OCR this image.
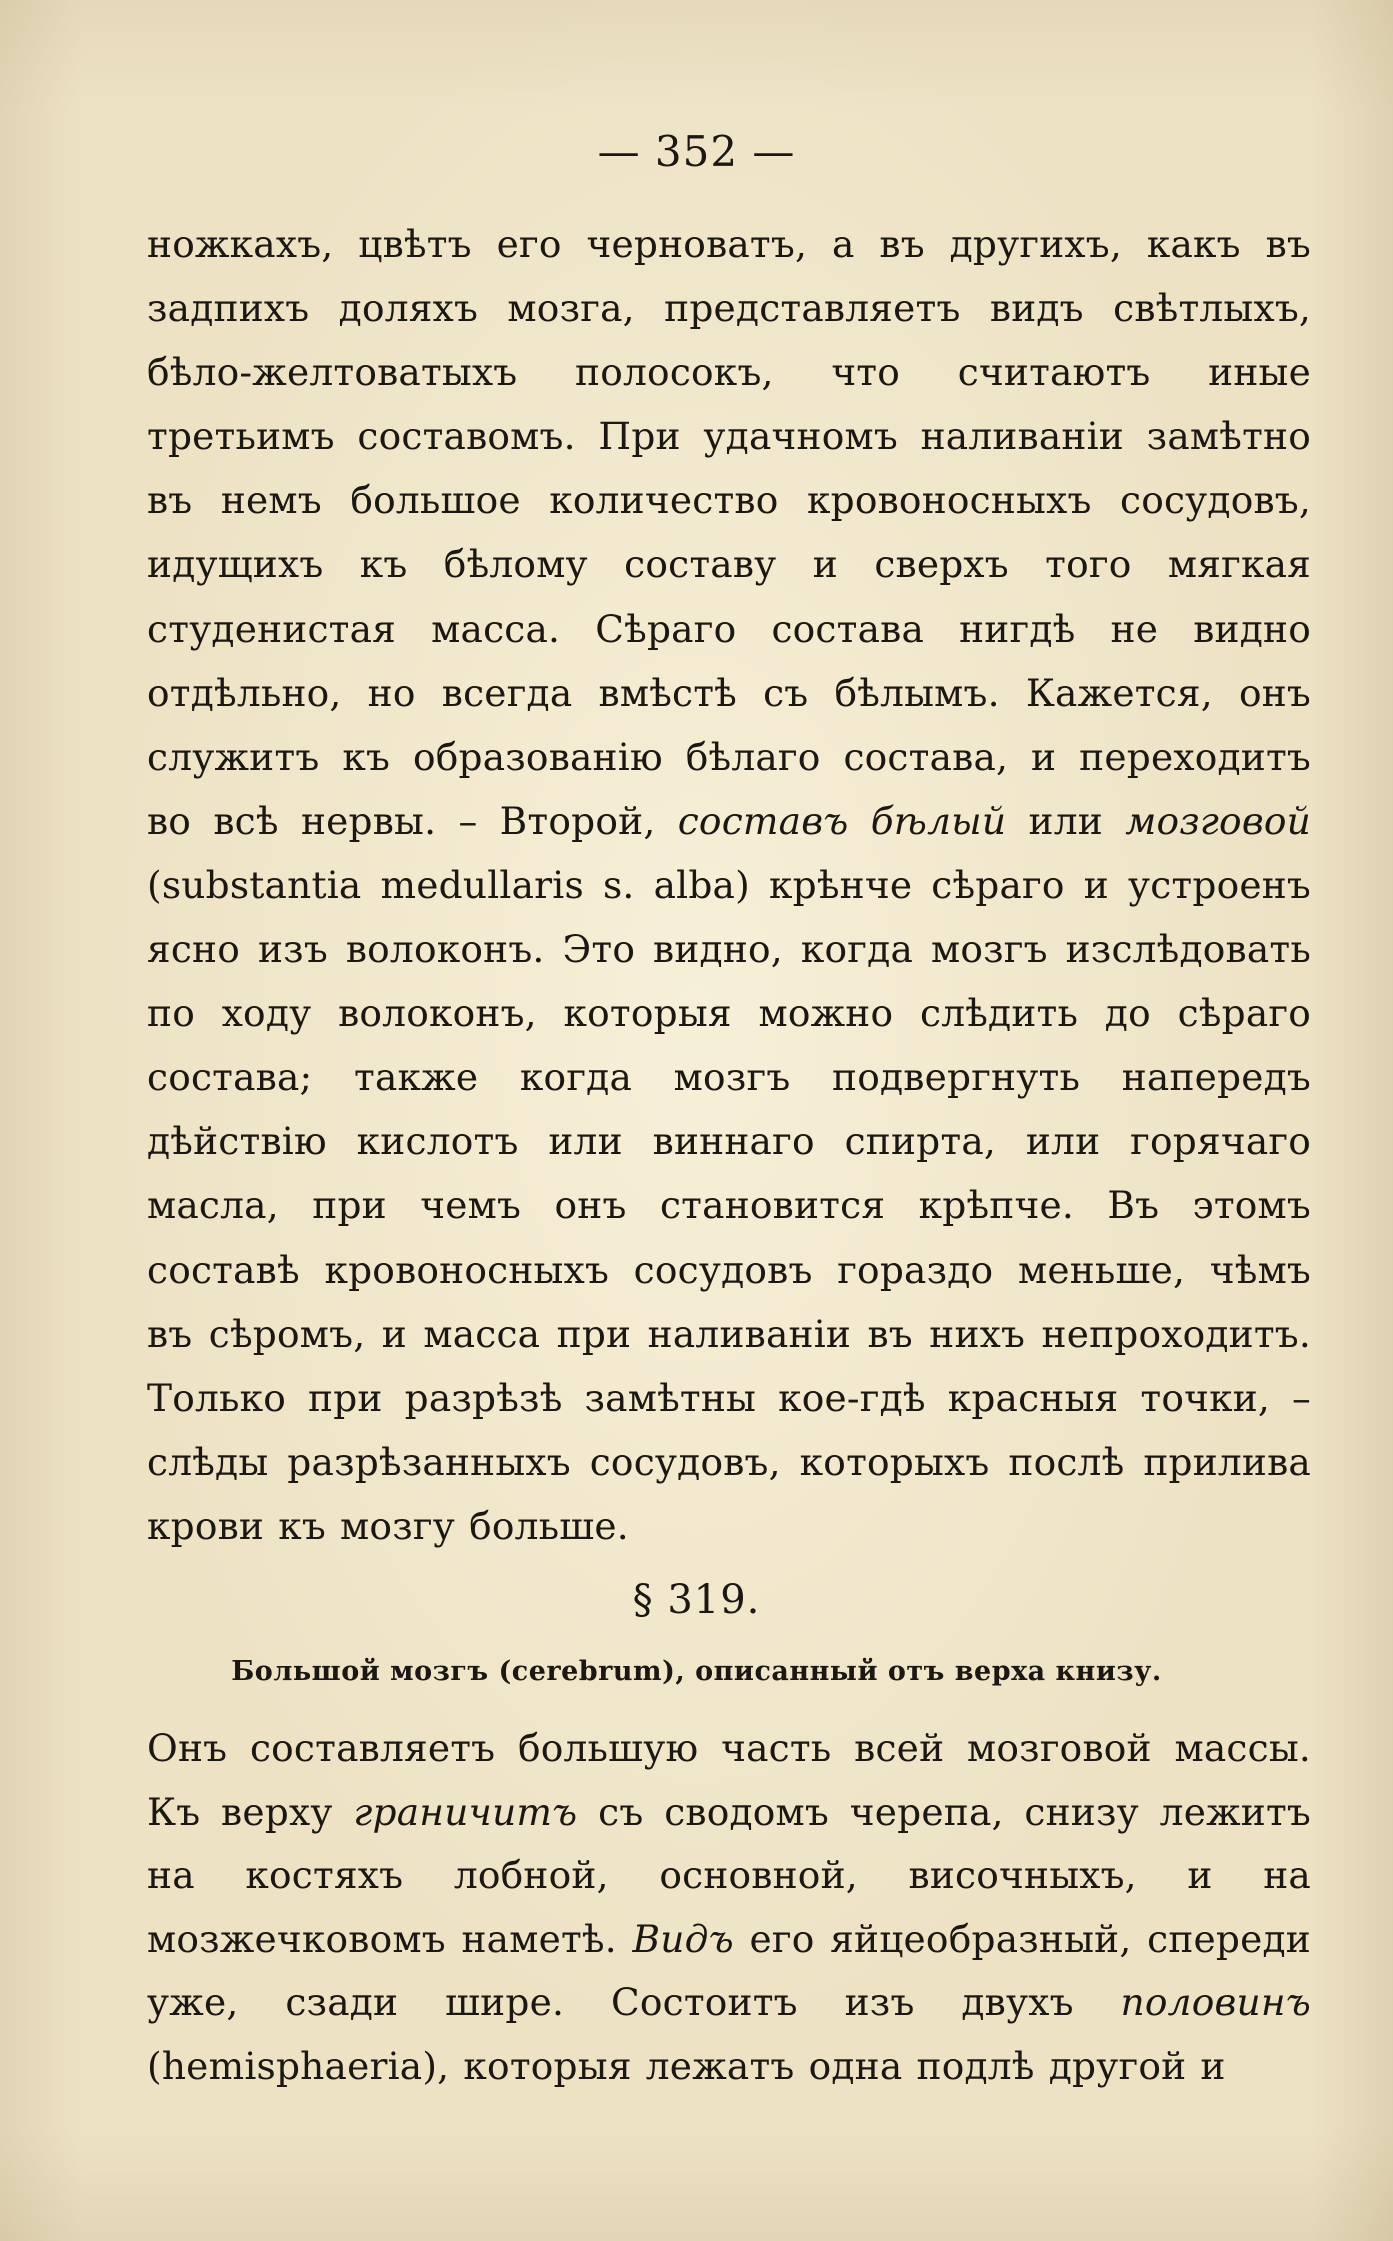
— 352 —

ножкахъ, цвѣтъ его черноватъ, а въ другихъ, какъ въ задпихъ доляхъ мозга, представляетъ видъ свѣтлыхъ, бѣло-желтоватыхъ полосокъ, что считаютъ иные третьимъ составомъ. При удачномъ наливаніи замѣтно въ немъ большое количество кровоносныхъ сосудовъ, идущихъ къ бѣлому составу и сверхъ того мягкая студенистая масса. Сѣраго состава нигдѣ не видно отдѣльно, но всегда вмѣстѣ съ бѣлымъ. Кажется, онъ служитъ къ образованію бѣлаго состава, и переходитъ во всѣ нервы. – Второй, составъ бѣлый или мозговой (substantia medullaris s. alba) крѣнче сѣраго и устроенъ ясно изъ волоконъ. Это видно, когда мозгъ изслѣдовать по ходу волоконъ, которыя можно слѣдить до сѣраго состава; также когда мозгъ подвергнуть напередъ дѣйствію кислотъ или виннаго спирта, или горячаго масла, при чемъ онъ становится крѣпче. Въ этомъ составѣ кровоносныхъ сосудовъ гораздо меньше, чѣмъ въ сѣромъ, и масса при наливаніи въ нихъ непроходитъ. Только при разрѣзѣ замѣтны кое-гдѣ красныя точки, – слѣды разрѣзанныхъ сосудовъ, которыхъ послѣ прилива крови къ мозгу больше.

§ 319.
Большой мозгъ (cerebrum), описанный отъ верха книзу.

Онъ составляетъ большую часть всей мозговой массы. Къ верху граничитъ съ сводомъ черепа, снизу лежитъ на костяхъ лобной, основной, височныхъ, и на мозжечковомъ наметѣ. Видъ его яйцеобразный, спереди уже, сзади шире. Состоитъ изъ двухъ половинъ (hemisphaeria), которыя лежатъ одна подлѣ другой и
